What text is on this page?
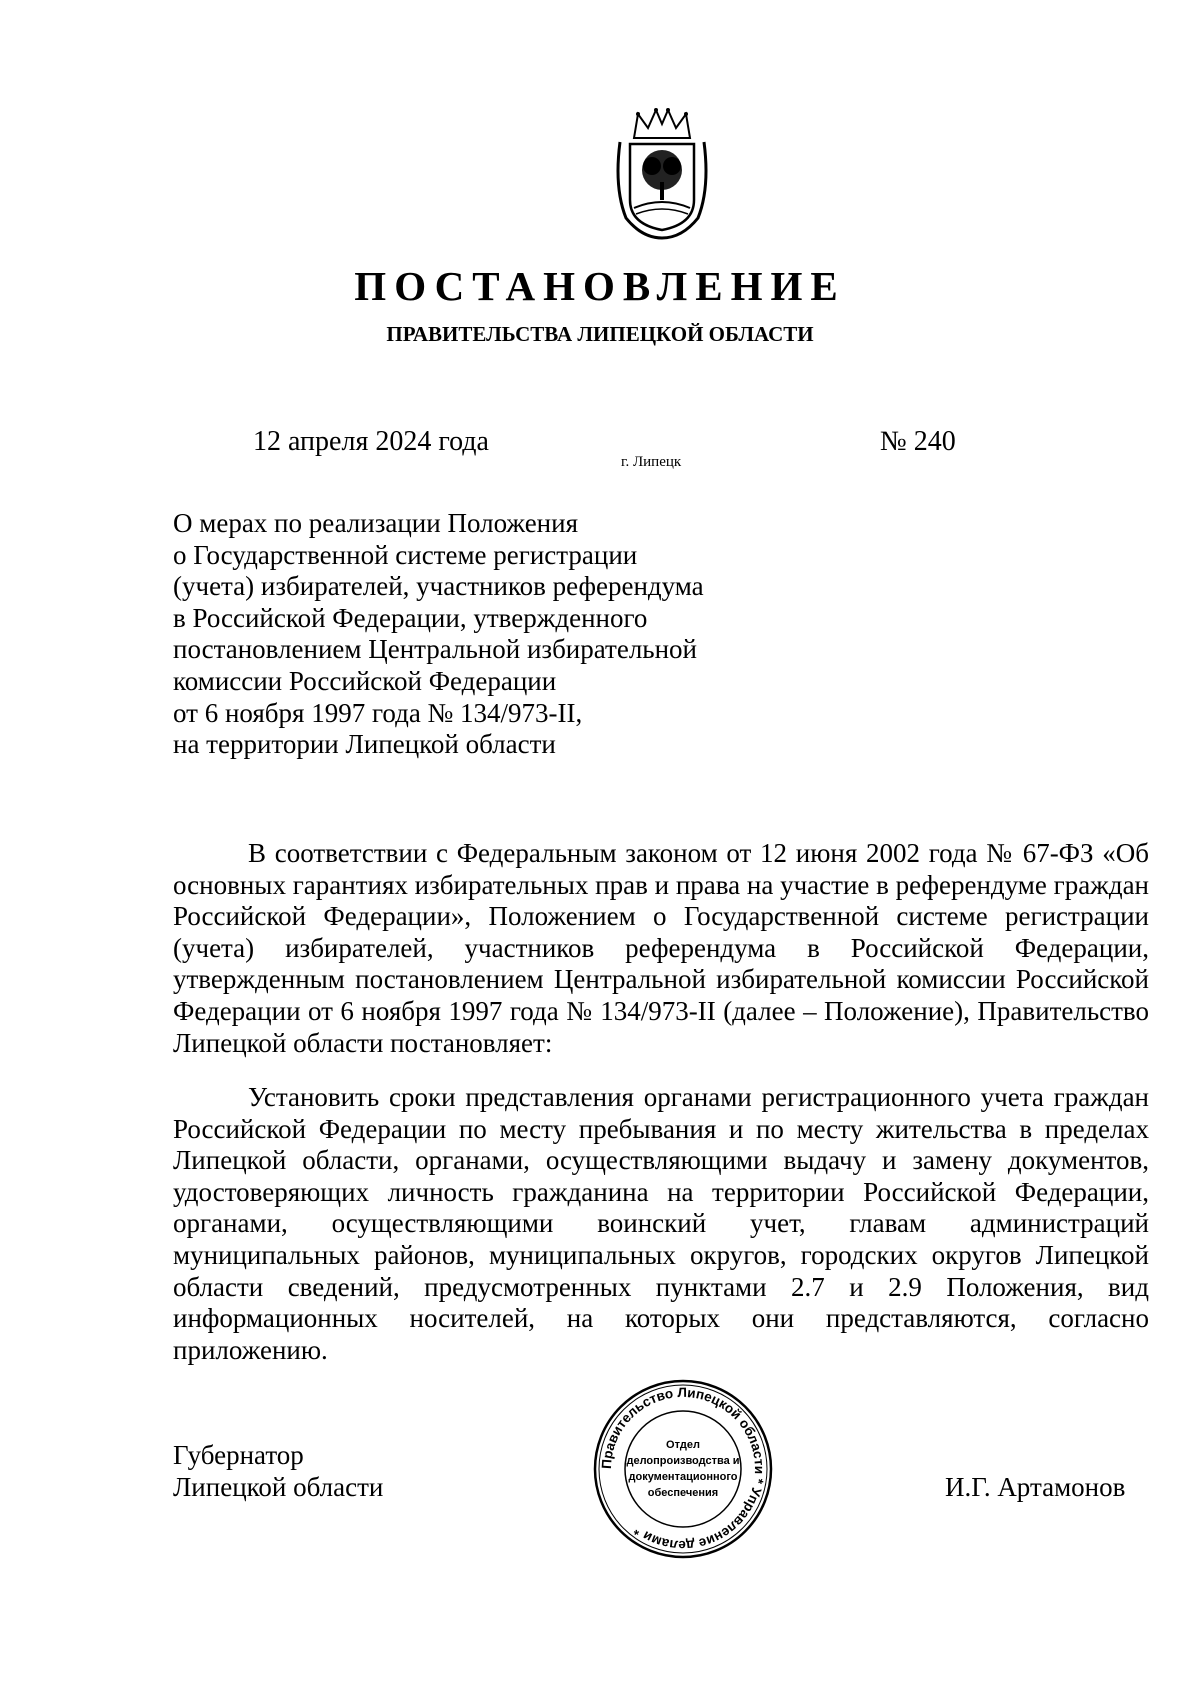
ПОСТАНОВЛЕНИЕ
ПРАВИТЕЛЬСТВА ЛИПЕЦКОЙ ОБЛАСТИ
12 апреля 2024 года
г. Липецк
№ 240
О мерах по реализации Положения
о Государственной системе регистрации
(учета) избирателей, участников референдума
в Российской Федерации, утвержденного
постановлением Центральной избирательной
комиссии Российской Федерации
от 6 ноября 1997 года № 134/973-II,
на территории Липецкой области

В соответствии с Федеральным законом от 12 июня 2002 года № 67-ФЗ «Об основных гарантиях избирательных прав и права на участие в референдуме граждан Российской Федерации», Положением о Государственной системе регистрации (учета) избирателей, участников референдума в Российской Федерации, утвержденным постановлением Центральной избирательной комиссии Российской Федерации от 6 ноября 1997 года № 134/973-II (далее – Положение), Правительство Липецкой области постановляет:

Установить сроки представления органами регистрационного учета граждан Российской Федерации по месту пребывания и по месту жительства в пределах Липецкой области, органами, осуществляющими выдачу и замену документов, удостоверяющих личность гражданина на территории Российской Федерации, органами, осуществляющими воинский учет, главам администраций муниципальных районов, муниципальных округов, городских округов Липецкой области сведений, предусмотренных пунктами 2.7 и 2.9 Положения, вид информационных носителей, на которых они представляются, согласно приложению.

Губернатор
Липецкой области	И.Г. Артамонов
Правительство Липецкой области * Управление делами *
Отдел
делопроизводства и
документационного
обеспечения
